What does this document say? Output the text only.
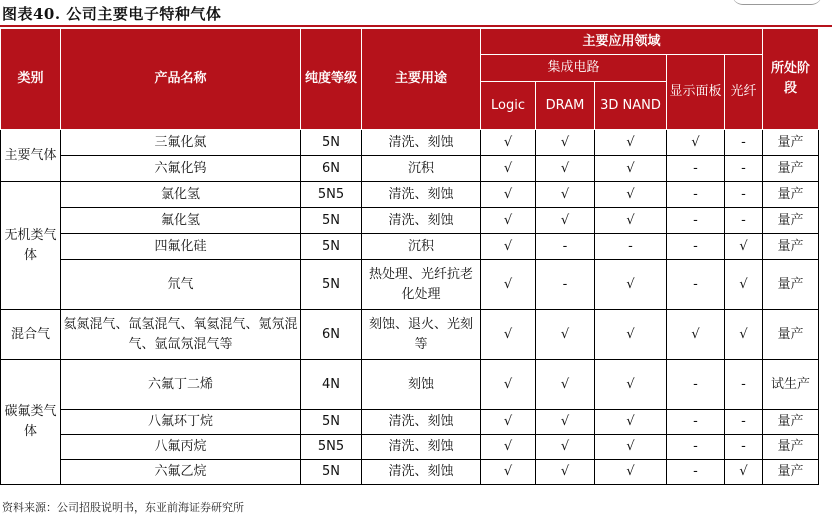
图表40. 公司主要电子特种气体
类别	产品名称	纯度等级	主要用途	主要应用领域					所处阶段
				集成电路			显示面板	光纤	
				Logic	DRAM	3D NAND			
主要气体	三氟化氮	5N	清洗、刻蚀	√	√	√	√	-	量产
	六氟化钨	6N	沉积	√	√	√	-	-	量产
无机类气体	氯化氢	5N5	清洗、刻蚀	√	√	√	-	-	量产
	氟化氢	5N	清洗、刻蚀	√	√	√	-	-	量产
	四氟化硅	5N	沉积	√	-	-	-	√	量产
	氘气	5N	热处理、光纤抗老化处理	√	-	√	-	√	量产
混合气	氦氮混气、氙氢混气、氧氦混气、氪氖混气、氩氙氖混气等	6N	刻蚀、退火、光刻等	√	√	√	√	√	量产
碳氟类气体	六氟丁二烯	4N	刻蚀	√	√	√	-	-	试生产
	八氟环丁烷	5N	清洗、刻蚀	√	√	√	-	-	量产
	八氟丙烷	5N5	清洗、刻蚀	√	√	√	-	-	量产
	六氟乙烷	5N	清洗、刻蚀	√	√	√	-	√	量产
资料来源：公司招股说明书，东亚前海证券研究所
